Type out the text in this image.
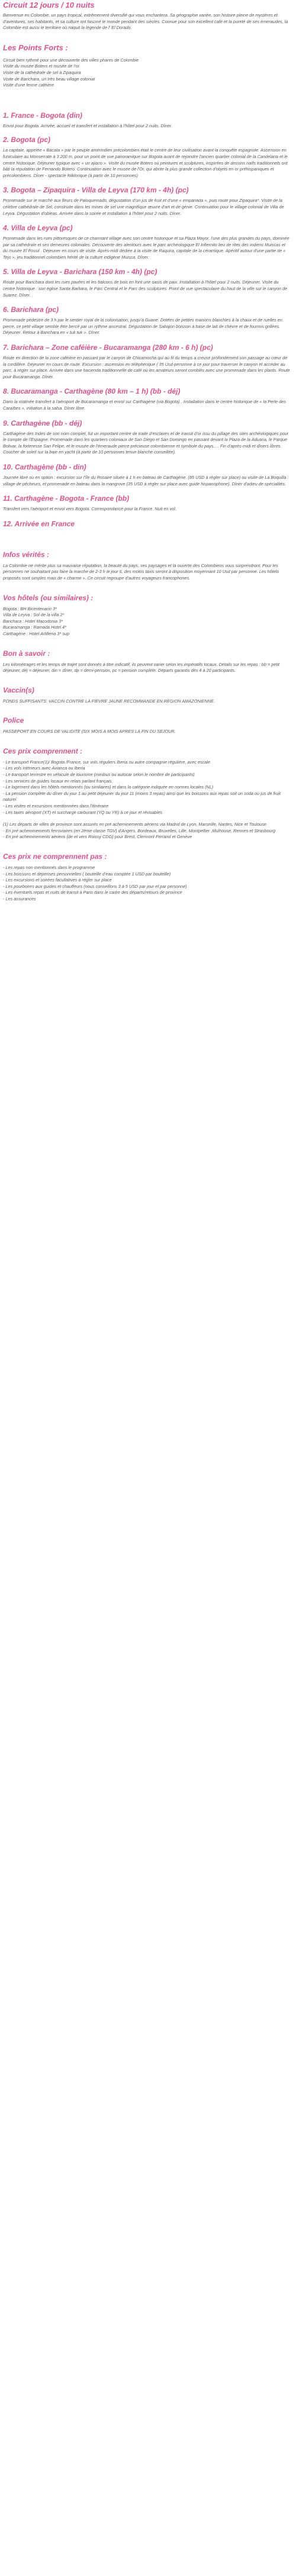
Circuit 12 jours / 10 nuits

Bienvenue en Colombie, un pays tropical, extrêmement diversifié qui vous enchantera. Sa géographie variée, son histoire pleine de mystères et d'aventures, ses habitants, et sa culture ont fasciné le monde pendant des siècles. Connue pour son excellent café et la pureté de ses émeraudes, la Colombie est aussi le territoire où naquit la légende de l' El Dorado.

Les Points Forts :
Circuit bien rythmé pour une découverte des villes phares de Colombie
Visite du musée Botero et musée de l'or
Visite de la cathédrale de sel à Zipaquira
Visite de Barichara, un très beau village colonial
Visite d'une ferme caféière
1. France - Bogota (din)

Envol pour Bogota. Arrivée, accueil et transfert et installation à l'hôtel pour 2 nuits. Dîner.

2. Bogota (pc)

La capitale, appelée « Bacata » par le peuple amérindien précolombien était le centre de leur civilisation avant la conquête espagnole. Ascension en funiculaire au Monserrate à 3 200 m, pour un point de vue panoramique sur Bogota avant de rejoindre l'ancien quartier colonial de la Candelaria et le centre historique. Déjeuner typique avec « un ajiaco ». Visite du musée Botero où peintures et sculptures, inspirées de dessins naïfs traditionnels ont bâti la réputation de Fernando Botero. Continuation avec le musée de l'Or, qui abrite la plus grande collection d'objets en or préhispaniques et précolombiens. Dîner - spectacle folklorique (à partir de 10 personnes)

3. Bogota – Zipaquira - Villa de Leyva (170 km - 4h) (pc)

Promenade sur le marché aux fleurs de Paloquemado, dégustation d'un jus de fruit et d'une « empanada », puis route pour Zipaquira*. Visite de la célèbre cathédrale de Sel, construite dans les mines de sel une magnifique œuvre d'art et de génie. Continuation pour le village colonial de Villa de Leyva. Dégustation d'obleas. Arrivée dans la soirée et installation à l'hôtel pour 2 nuits. Dîner.

4. Villa de Leyva (pc)

Promenade dans les rues pittoresques de ce charmant village avec son centre historique et sa Plaza Mayor, l'une des plus grandes du pays, dominée par sa cathédrale et ses demeures coloniales. Découverte des alentours avec le parc archéologique El Infiernito lieu de rites des indiens Muiscas et du musée El Fossil . Déjeuner en cours de visite. Après-midi dédiée à la visite de Raquira, capitale de la céramique. Apéritif autour d'une partie de « Tejo », jeu traditionnel colombien hérité de la culture indigène Muisca. Dîner.

5. Villa de Leyva - Barichara (150 km - 4h) (pc)

Route pour Barichara dont les rues pavées et les balcons de bois en font une oasis de paix. Installation à l'hôtel pour 2 nuits. Déjeuner. Visite du centre historique : son église Santa Barbara, le Parc Central et le Parc des sculptures. Point de vue spectaculaire du haut de la ville sur le canyon de Suarez. Dîner.

6. Barichara (pc)

Promenade pédestre de 3 h par le sentier royal de la colonisation, jusqu'à Guane. Dotées de petites maisons blanchies à la chaux et de ruelles en pierre, ce petit village semble être bercé par un rythme ancestral. Dégustation de Sabajon boisson à base de lait de chèvre et de fourmis grillées. Déjeuner. Retour à Barichara en « tuk tuk ». Dîner.

7. Barichara – Zone caféière - Bucaramanga (280 km - 6 h) (pc)

Route en direction de la zone caféière en passant par le canyon de Chicamocha qui au fil du temps a creusé profondément son passage au cœur de la cordillère. Déjeuner en cours de route. Excursion : ascension en téléphérique ( 35 Usd-personne à ce jour pour traverser le canyon et accéder au parc, à régler sur place. Arrivée dans une hacienda traditionnelle de café où les amateurs seront comblés avec une promenade dans les plants. Route pour Bucaramanga. Dîner.

8. Bucaramanga - Carthagène (80 km – 1 h) (bb - déj)

Dans la matinée transfert à l'aéroport de Bucaramanga et envol sur Carthagène (via Bogota) . Installation dans le centre historique de « la Perle des Caraïbes », initiation à la salsa. Dîner libre.

9. Carthagène (bb - déj)

Carthagène des Indes de son nom complet, fut un important centre de traite d'esclaves et de transit d'or issu du pillage des sites archéologiques pour le compte de l'Espagne. Promenade dans les quartiers coloniaux de San Diego et San Domingo en passant devant la Plaza de la Aduana, le Parque Bolivar, la forteresse San Felipe, et le musée de l'émeraude pierre précieuse colombienne et symbole du pays,… Fin d'après-midi et dîners libres. Coucher de soleil sur la baie en yacht (à partir de 10 personnes tenue blanche conseillée).

10. Carthagène (bb - din)

Journée libre ou en option : excursion sur l'île du Rosaire située à 1 h en bateau de Carthagène. (85 USD à régler sur place) ou visite de La Boquilla : village de pêcheurs, et promenade en bateau dans la mangrove (35 USD à régler sur place avec guide hispanophone). Dîner d'adieu de spécialités.

11. Carthagène - Bogota - France (bb)

Transfert vers l'aéroport et envol vers Bogota. Correspondance pour la France. Nuit en vol.

12. Arrivée en France
Infos vérités :

La Colombie ne mérite plus sa mauvaise réputation, la beauté du pays, ses paysages et la ouverte des Colombiens vous surprendront. Pour les personnes ne souhaitant pas faire la marche de 2-3 h le jour 6, des motos taxis seront à disposition moyennant 10 Usd par personne. Les hôtels proposés sont simples mais de « charme ». Ce circuit regroupe d'autres voyageurs francophones.

Vos hôtels (ou similaires) :
Bogota : BH Bicentenario 3*
Villa de Leyva : Sol de la villa 2*
Barichara : Hotel Macodonia 3*
Bucaramanga : Ramada Hotel 4*
Carthagène : Hotel Artilleria 3* sup
Bon à savoir :

Les kilométrages et les temps de trajet sont donnés à titre indicatif, ils peuvent varier selon les impératifs locaux. Détails sur les repas : bb = petit déjeuner, déj = déjeuner, din = dîner, dp = demi-pension, pc = pension complète. Départs garantis dès 4 à 20 participants.

Vaccin(s)

FONDS SUFFISANTS. VACCIN CONTRE LA FIEVRE JAUNE RECOMMANDE EN REGION AMAZONIENNE.

Police

PASSEPORT EN COURS DE VALIDITE (SIX MOIS A MOIS APRES LA FIN DU SEJOUR.

Ces prix comprennent :
- Le transport France(1)/ Bogota /France, sur vols réguliers Iberia ou autre compagnie régulière, avec escale
- Les vols intérieurs avec Avianca ou Iberia
- Le transport terrestre en véhicule de tourisme (minibus ou autocar selon le nombre de participants)
- Les services de guides locaux en relais parlant français.
- Le logement dans les hôtels mentionnés (ou similaires) et dans la catégorie indiquée en normes locales (NL)
- La pension complète du dîner du jour 1 au petit déjeuner du jour 11 (moins 3 repas) ainsi que les boissons aux repas soit un soda ou jus de fruit naturel
- Les visites et excursions mentionnées dans l'itinéraire
- Les taxes aéroport (XT) et surcharge carburant (YQ ou YR) à ce jour et révisables
(1) Les départs de villes de province sont assurés en pré acheminements aériens via Madrid de Lyon, Marseille, Nantes, Nice et Toulouse
- En pré acheminements ferroviaires (en 2ème classe TGV) d'Angers, Bordeaux, Bruxelles, Lille, Montpellier ,Mulhouse, Rennes et Strasbourg
- En pré acheminements aériens (de et vers Roissy CDG) pour Brest, Clermont Ferrand et Genève
Ces prix ne comprennent pas :
- Les repas non mentionnés dans le programme
- Les boissons et dépenses personnelles ( bouteille d'eau comptée 1 USD par bouteille)
- Les excursions et soirées facultatives à régler sur place
- Les pourboires aux guides et chauffeurs (nous conseillons 3 à 5 USD par jour et par personne)
- Les éventuels repas et nuits de transit à Paris dans le cadre des départs/retours de province
- Les assurances
